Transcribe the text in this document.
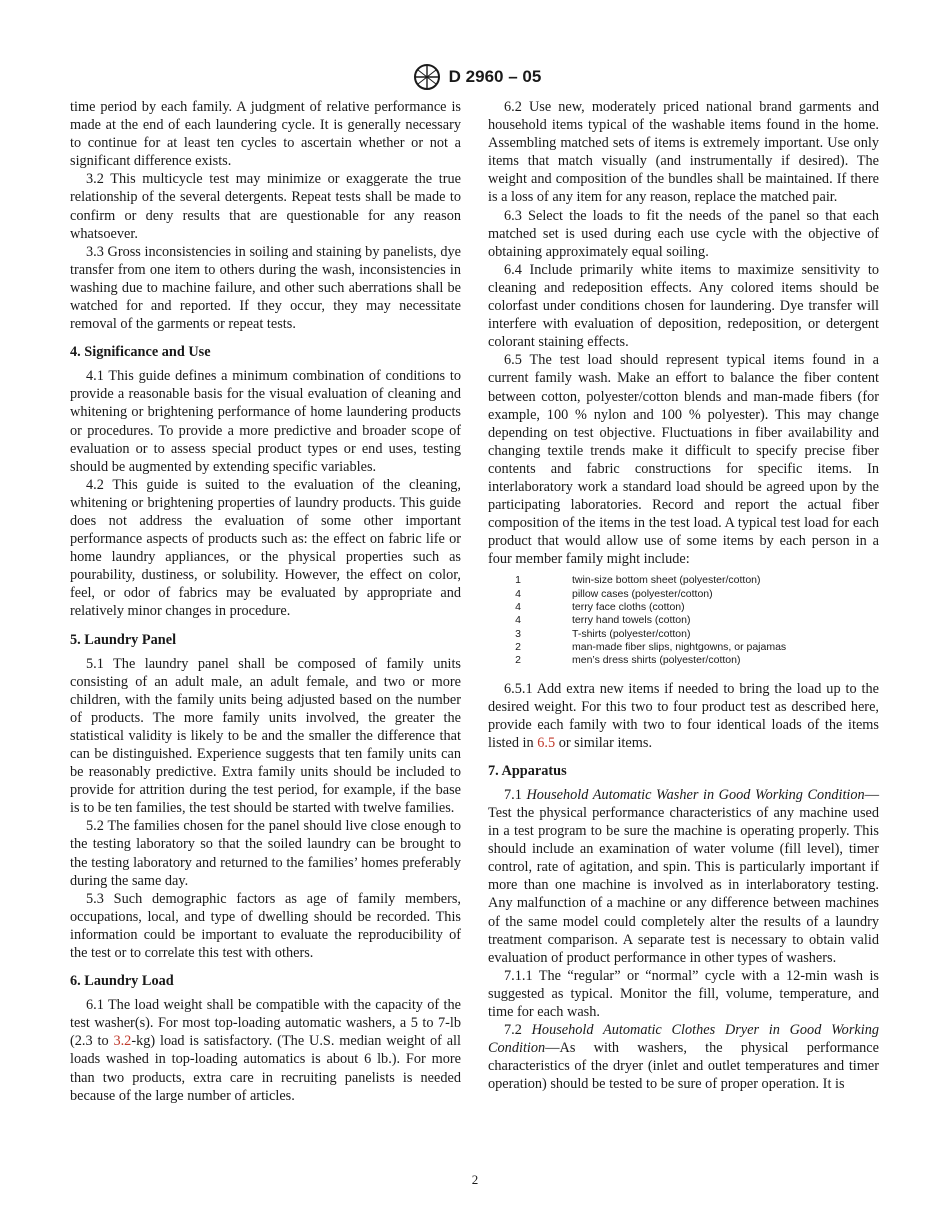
D 2960 – 05

time period by each family. A judgment of relative performance is made at the end of each laundering cycle. It is generally necessary to continue for at least ten cycles to ascertain whether or not a significant difference exists.

3.2 This multicycle test may minimize or exaggerate the true relationship of the several detergents. Repeat tests shall be made to confirm or deny results that are questionable for any reason whatsoever.

3.3 Gross inconsistencies in soiling and staining by panelists, dye transfer from one item to others during the wash, inconsistencies in washing due to machine failure, and other such aberrations shall be watched for and reported. If they occur, they may necessitate removal of the garments or repeat tests.

4. Significance and Use

4.1 This guide defines a minimum combination of conditions to provide a reasonable basis for the visual evaluation of cleaning and whitening or brightening performance of home laundering products or procedures. To provide a more predictive and broader scope of evaluation or to assess special product types or end uses, testing should be augmented by extending specific variables.

4.2 This guide is suited to the evaluation of the cleaning, whitening or brightening properties of laundry products. This guide does not address the evaluation of some other important performance aspects of products such as: the effect on fabric life or home laundry appliances, or the physical properties such as pourability, dustiness, or solubility. However, the effect on color, feel, or odor of fabrics may be evaluated by appropriate and relatively minor changes in procedure.

5. Laundry Panel

5.1 The laundry panel shall be composed of family units consisting of an adult male, an adult female, and two or more children, with the family units being adjusted based on the number of products. The more family units involved, the greater the statistical validity is likely to be and the smaller the difference that can be distinguished. Experience suggests that ten family units can be reasonably predictive. Extra family units should be included to provide for attrition during the test period, for example, if the base is to be ten families, the test should be started with twelve families.

5.2 The families chosen for the panel should live close enough to the testing laboratory so that the soiled laundry can be brought to the testing laboratory and returned to the families’ homes preferably during the same day.

5.3 Such demographic factors as age of family members, occupations, local, and type of dwelling should be recorded. This information could be important to evaluate the reproducibility of the test or to correlate this test with others.

6. Laundry Load

6.1 The load weight shall be compatible with the capacity of the test washer(s). For most top-loading automatic washers, a 5 to 7-lb (2.3 to 3.2-kg) load is satisfactory. (The U.S. median weight of all loads washed in top-loading automatics is about 6 lb.). For more than two products, extra care in recruiting panelists is needed because of the large number of articles.

6.2 Use new, moderately priced national brand garments and household items typical of the washable items found in the home. Assembling matched sets of items is extremely important. Use only items that match visually (and instrumentally if desired). The weight and composition of the bundles shall be maintained. If there is a loss of any item for any reason, replace the matched pair.

6.3 Select the loads to fit the needs of the panel so that each matched set is used during each use cycle with the objective of obtaining approximately equal soiling.

6.4 Include primarily white items to maximize sensitivity to cleaning and redeposition effects. Any colored items should be colorfast under conditions chosen for laundering. Dye transfer will interfere with evaluation of deposition, redeposition, or detergent colorant staining effects.

6.5 The test load should represent typical items found in a current family wash. Make an effort to balance the fiber content between cotton, polyester/cotton blends and man-made fibers (for example, 100 % nylon and 100 % polyester). This may change depending on test objective. Fluctuations in fiber availability and changing textile trends make it difficult to specify precise fiber contents and fabric constructions for specific items. In interlaboratory work a standard load should be agreed upon by the participating laboratories. Record and report the actual fiber composition of the items in the test load. A typical test load for each product that would allow use of some items by each person in a four member family might include:

1	twin-size bottom sheet (polyester/cotton)
4	pillow cases (polyester/cotton)
4	terry face cloths (cotton)
4	terry hand towels (cotton)
3	T-shirts (polyester/cotton)
2	man-made fiber slips, nightgowns, or pajamas
2	men’s dress shirts (polyester/cotton)

6.5.1 Add extra new items if needed to bring the load up to the desired weight. For this two to four product test as described here, provide each family with two to four identical loads of the items listed in 6.5 or similar items.

7. Apparatus

7.1 Household Automatic Washer in Good Working Condition—Test the physical performance characteristics of any machine used in a test program to be sure the machine is operating properly. This should include an examination of water volume (fill level), timer control, rate of agitation, and spin. This is particularly important if more than one machine is involved as in interlaboratory testing. Any malfunction of a machine or any difference between machines of the same model could completely alter the results of a laundry treatment comparison. A separate test is necessary to obtain valid evaluation of product performance in other types of washers.

7.1.1 The “regular” or “normal” cycle with a 12-min wash is suggested as typical. Monitor the fill, volume, temperature, and time for each wash.

7.2 Household Automatic Clothes Dryer in Good Working Condition—As with washers, the physical performance characteristics of the dryer (inlet and outlet temperatures and timer operation) should be tested to be sure of proper operation. It is

2
